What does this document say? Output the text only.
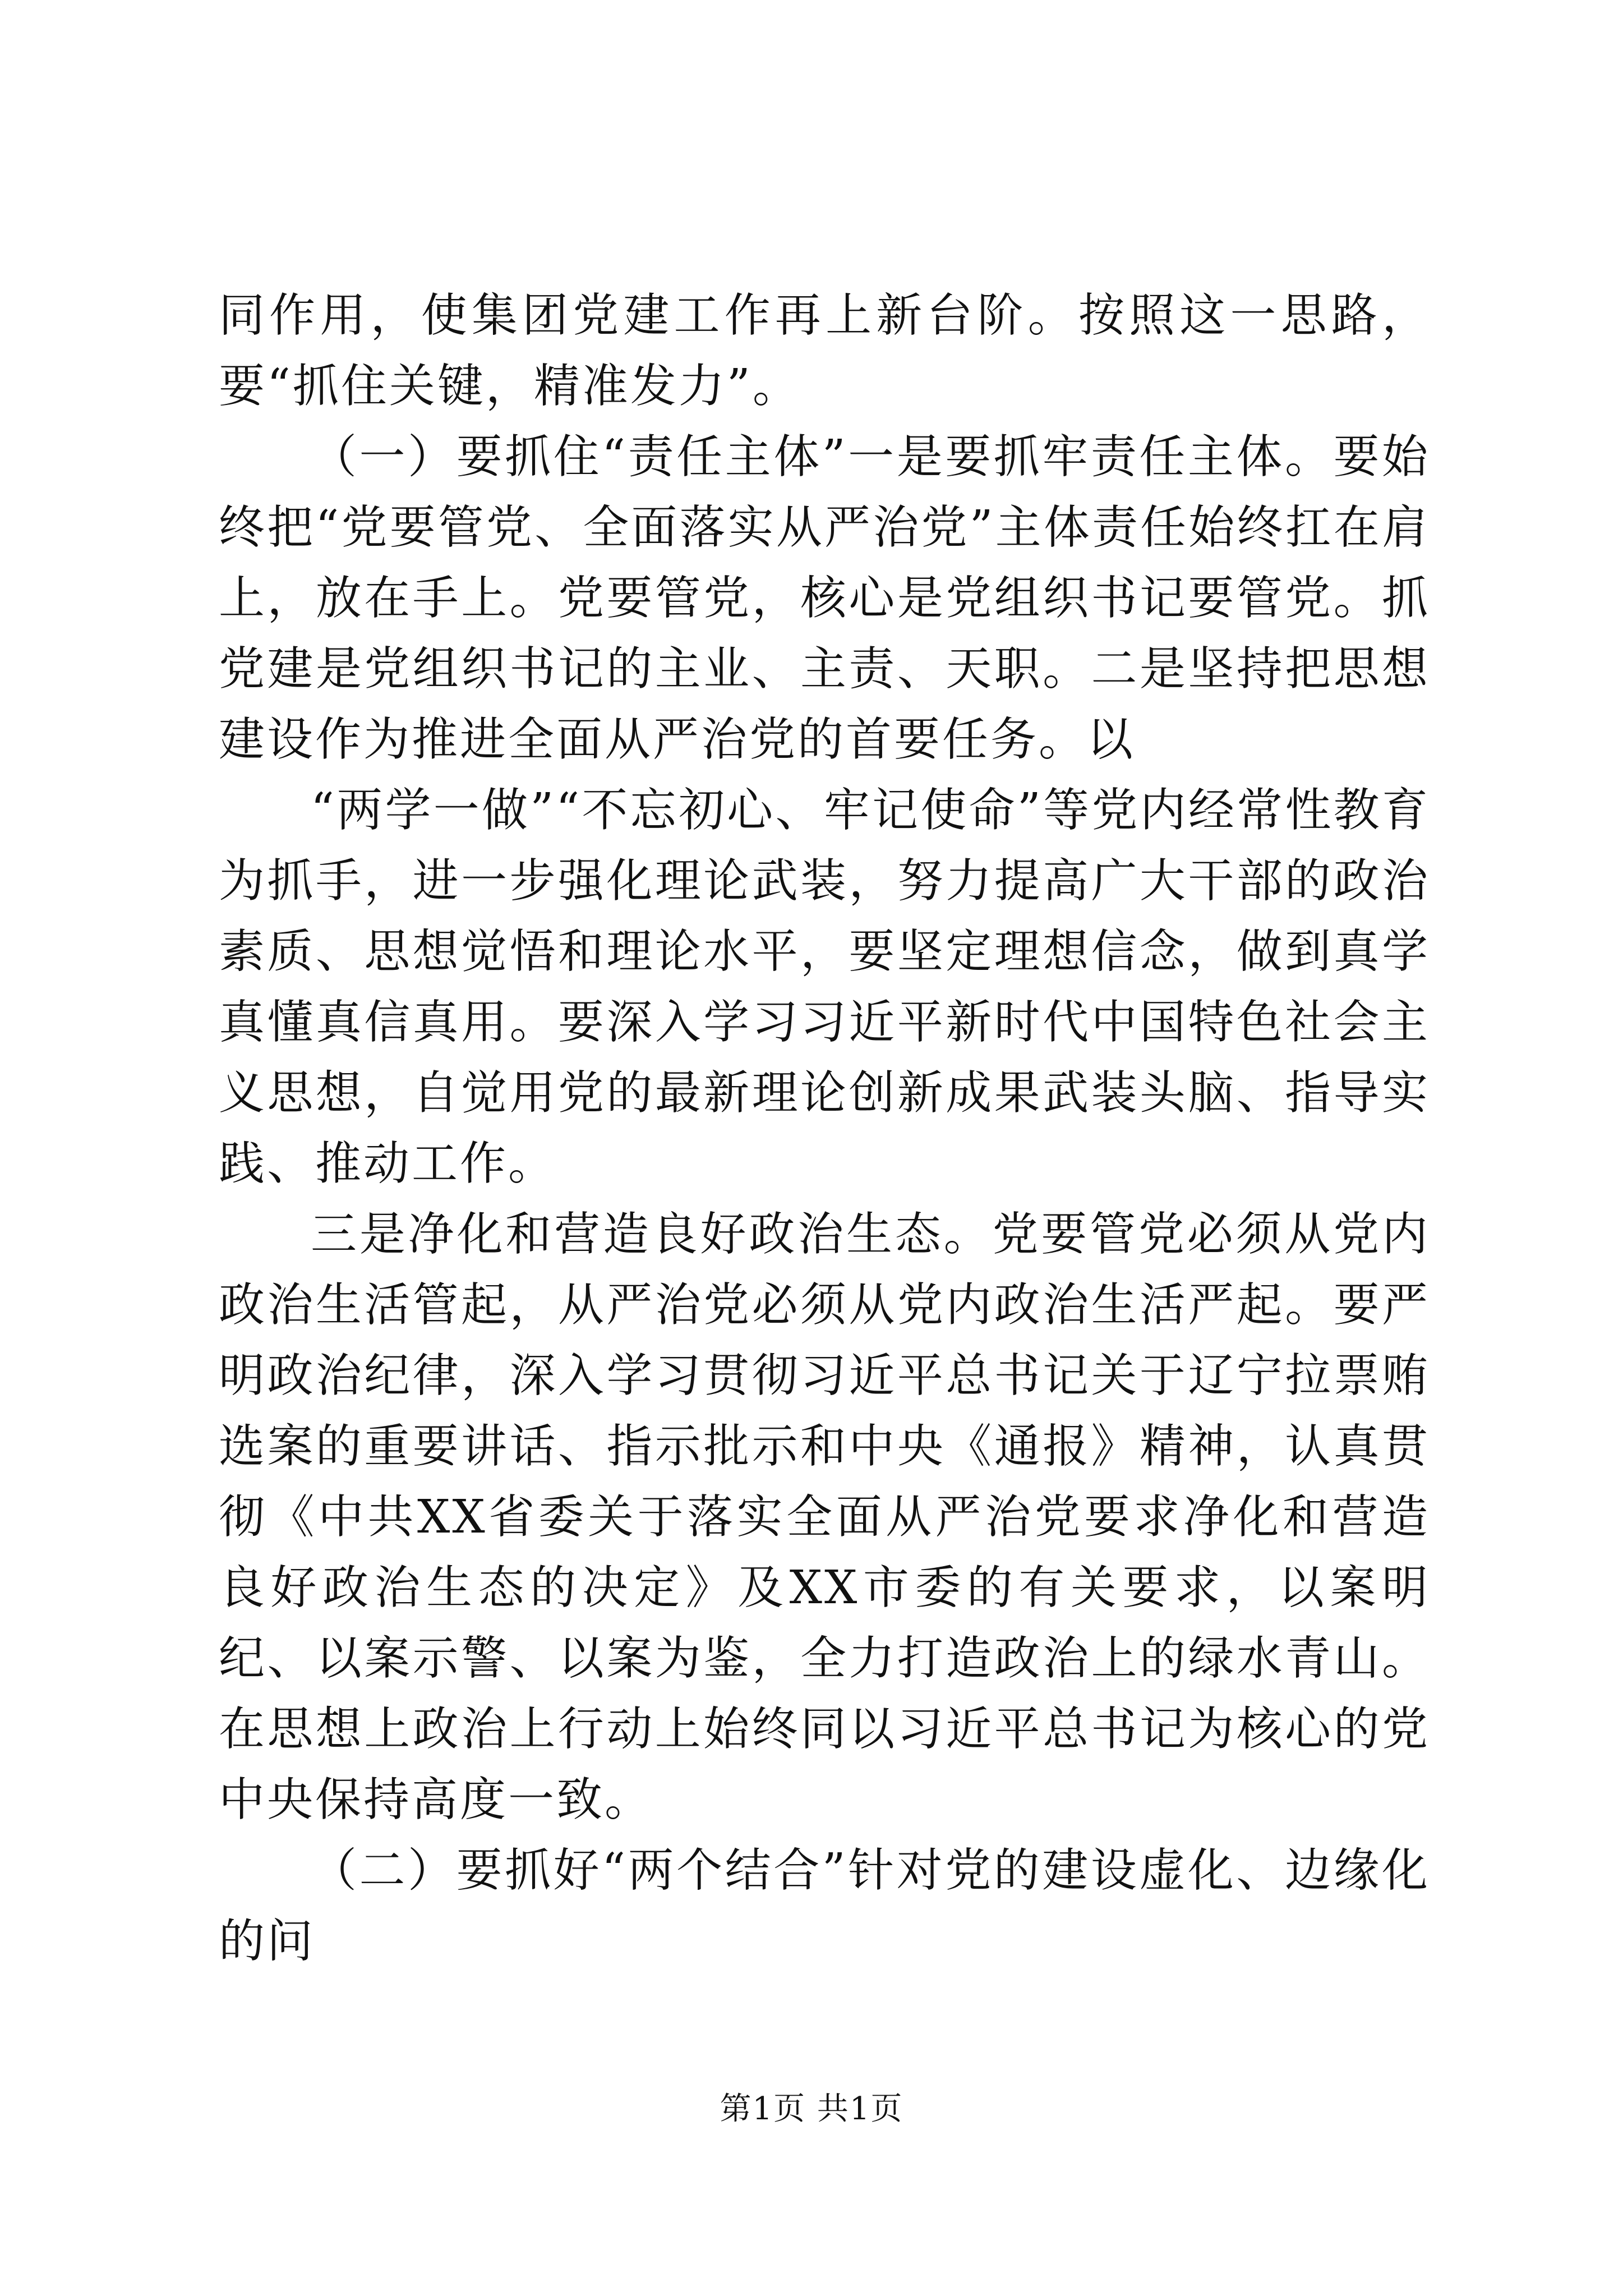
同作用，使集团党建工作再上新台阶。按照这一思路，要“抓住关键，精准发力”。

（一）要抓住“责任主体”一是要抓牢责任主体。要始终把“党要管党、全面落实从严治党”主体责任始终扛在肩上，放在手上。党要管党，核心是党组织书记要管党。抓党建是党组织书记的主业、主责、天职。二是坚持把思想建设作为推进全面从严治党的首要任务。以

“两学一做”“不忘初心、牢记使命”等党内经常性教育为抓手，进一步强化理论武装，努力提高广大干部的政治素质、思想觉悟和理论水平，要坚定理想信念，做到真学真懂真信真用。要深入学习习近平新时代中国特色社会主义思想，自觉用党的最新理论创新成果武装头脑、指导实践、推动工作。

三是净化和营造良好政治生态。党要管党必须从党内政治生活管起，从严治党必须从党内政治生活严起。要严明政治纪律，深入学习贯彻习近平总书记关于辽宁拉票贿选案的重要讲话、指示批示和中央《通报》精神，认真贯彻《中共XX省委关于落实全面从严治党要求净化和营造良好政治生态的决定》及XX市委的有关要求，以案明纪、以案示警、以案为鉴，全力打造政治上的绿水青山。在思想上政治上行动上始终同以习近平总书记为核心的党中央保持高度一致。

（二）要抓好“两个结合”针对党的建设虚化、边缘化的问

第1页 共1页
